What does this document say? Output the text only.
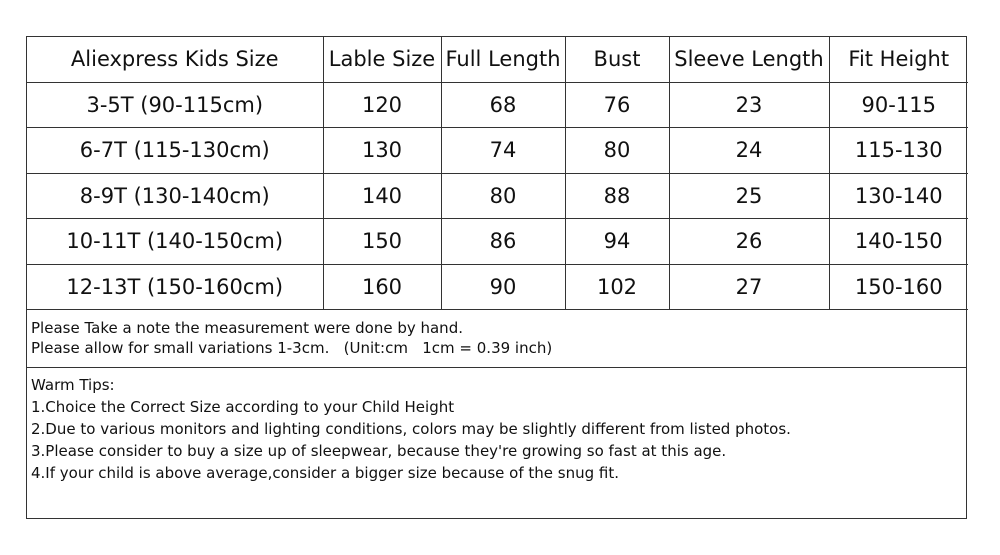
Aliexpress Kids Size	Lable Size	Full Length	Bust	Sleeve Length	Fit Height
3-5T (90-115cm)	120	68	76	23	90-115
6-7T (115-130cm)	130	74	80	24	115-130
8-9T (130-140cm)	140	80	88	25	130-140
10-11T (140-150cm)	150	86	94	26	140-150
12-13T (150-160cm)	160	90	102	27	150-160
Please Take a note the measurement were done by hand.
Please allow for small variations 1-3cm.   (Unit:cm   1cm = 0.39 inch)
Warm Tips:
1.Choice the Correct Size according to your Child Height
2.Due to various monitors and lighting conditions, colors may be slightly different from listed photos.
3.Please consider to buy a size up of sleepwear, because they're growing so fast at this age.
4.If your child is above average,consider a bigger size because of the snug fit.
